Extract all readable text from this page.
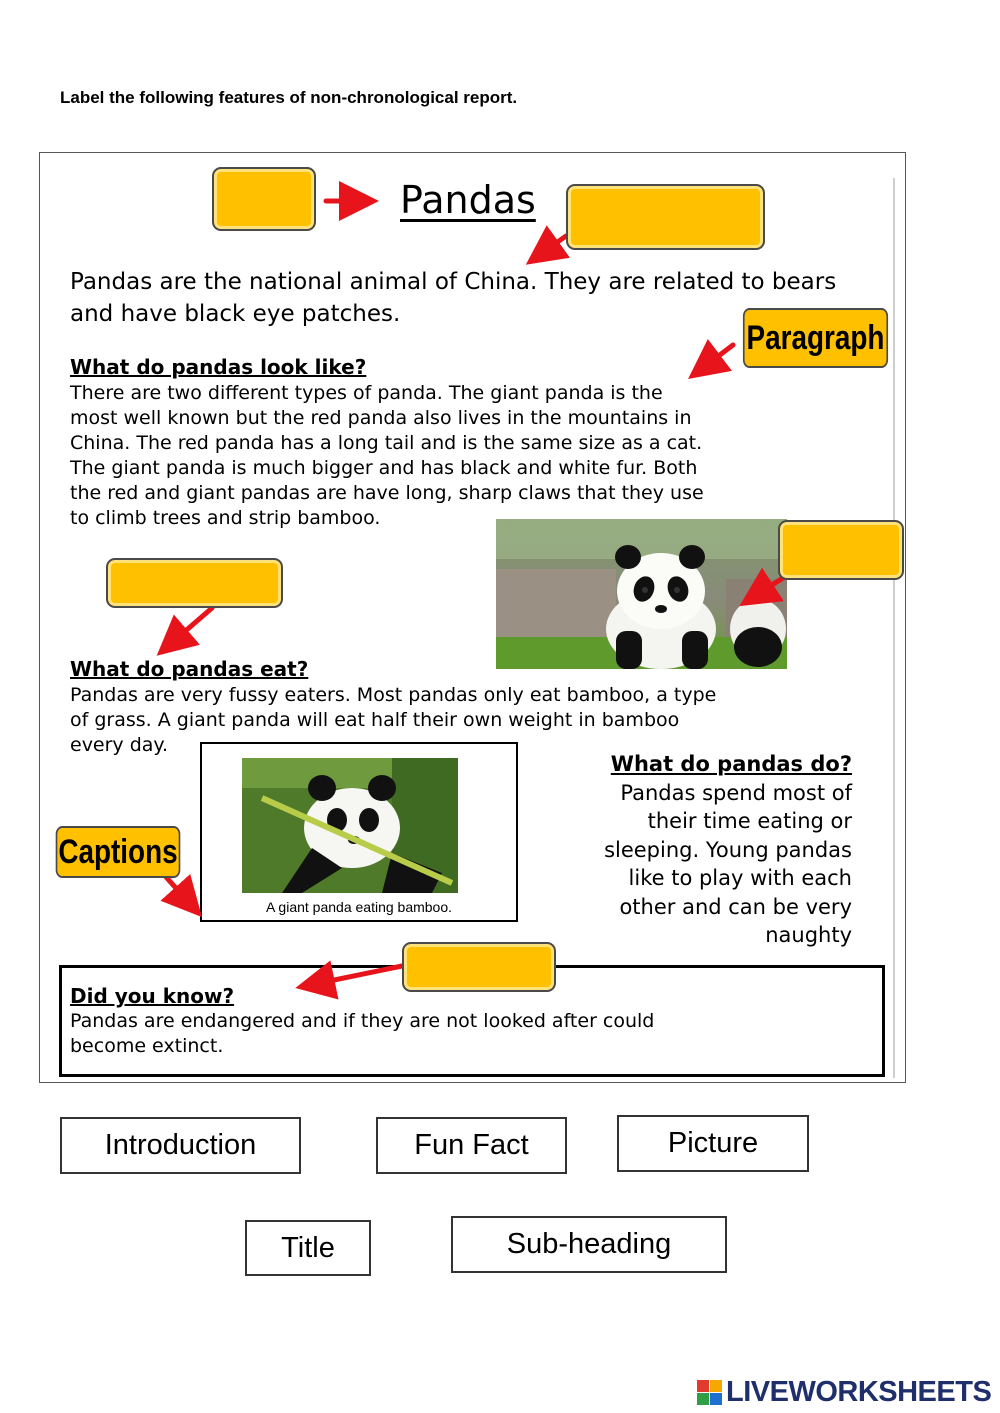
Label the following features of non-chronological report.
Pandas
Pandas are the national animal of China. They are related to bears and have black eye patches.
What do pandas look like?
There are two different types of panda. The giant panda is the
most well known but the red panda also lives in the mountains in
China. The red panda has a long tail and is the same size as a cat.
The giant panda is much bigger and has black and white fur. Both
the red and giant pandas are have long, sharp claws that they use
to climb trees and strip bamboo.
What do pandas eat?
Pandas are very fussy eaters. Most pandas only eat bamboo, a type
of grass. A giant panda will eat half their own weight in bamboo
every day.
A giant panda eating bamboo.
What do pandas do?
Pandas spend most of
their time eating or
sleeping. Young pandas
like to play with each
other and can be very
naughty
Did you know?
Pandas are endangered and if they are not looked after could
become extinct.
Paragraph
Captions
Introduction	Fun Fact	Picture
Title	Sub-heading
LIVEWORKSHEETS
